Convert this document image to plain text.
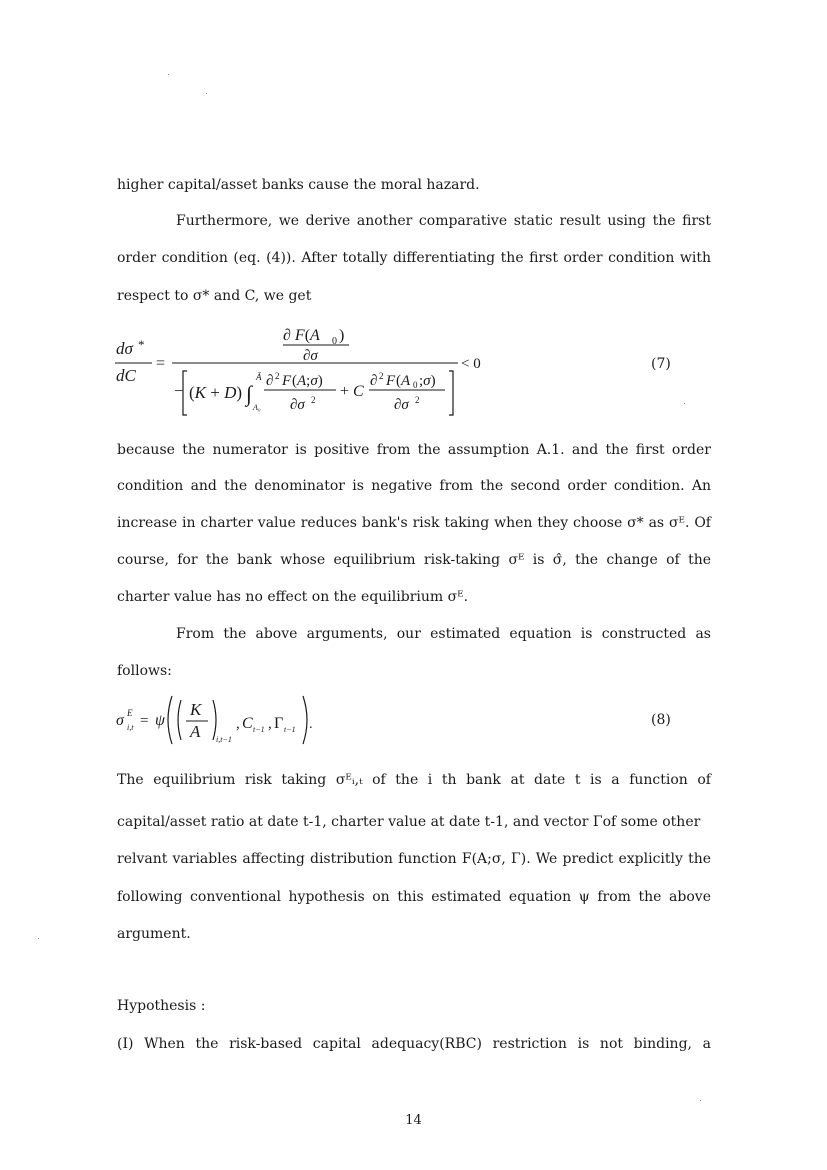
higher capital/asset banks cause the moral hazard.
Furthermore, we derive another comparative static result using the first
order condition (eq. (4)). After totally differentiating the first order condition with
respect to σ* and C, we get
dσ *
dC
=
∂ F(A 0 )
∂σ
− (K + D) ∫
Ā
A₀
∂ 2 F (A;σ)
∂σ 2 + C
∂ 2 F (A 0 ;σ)
∂σ 2
< 0	(7)
because the numerator is positive from the assumption A.1. and the first order
condition and the denominator is negative from the second order condition. An
increase in charter value reduces bank's risk taking when they choose σ* as σᴱ. Of
course, for the bank whose equilibrium risk-taking σᴱ is σ̂, the change of the
charter value has no effect on the equilibrium σᴱ.
From the above arguments, our estimated equation is constructed as
follows:
σ E
i,t = ψ
K
A i,t−1
, C t−1 , Γ t−1 .	(8)
The equilibrium risk taking σᴱᵢ,ₜ of the i th bank at date t is a function of
capital/asset ratio at date t-1, charter value at date t-1, and vector Γof some other
relvant variables affecting distribution function F(A;σ, Γ). We predict explicitly the
following conventional hypothesis on this estimated equation ψ from the above
argument.
Hypothesis :
(I) When the risk-based capital adequacy(RBC) restriction is not binding, a
14
